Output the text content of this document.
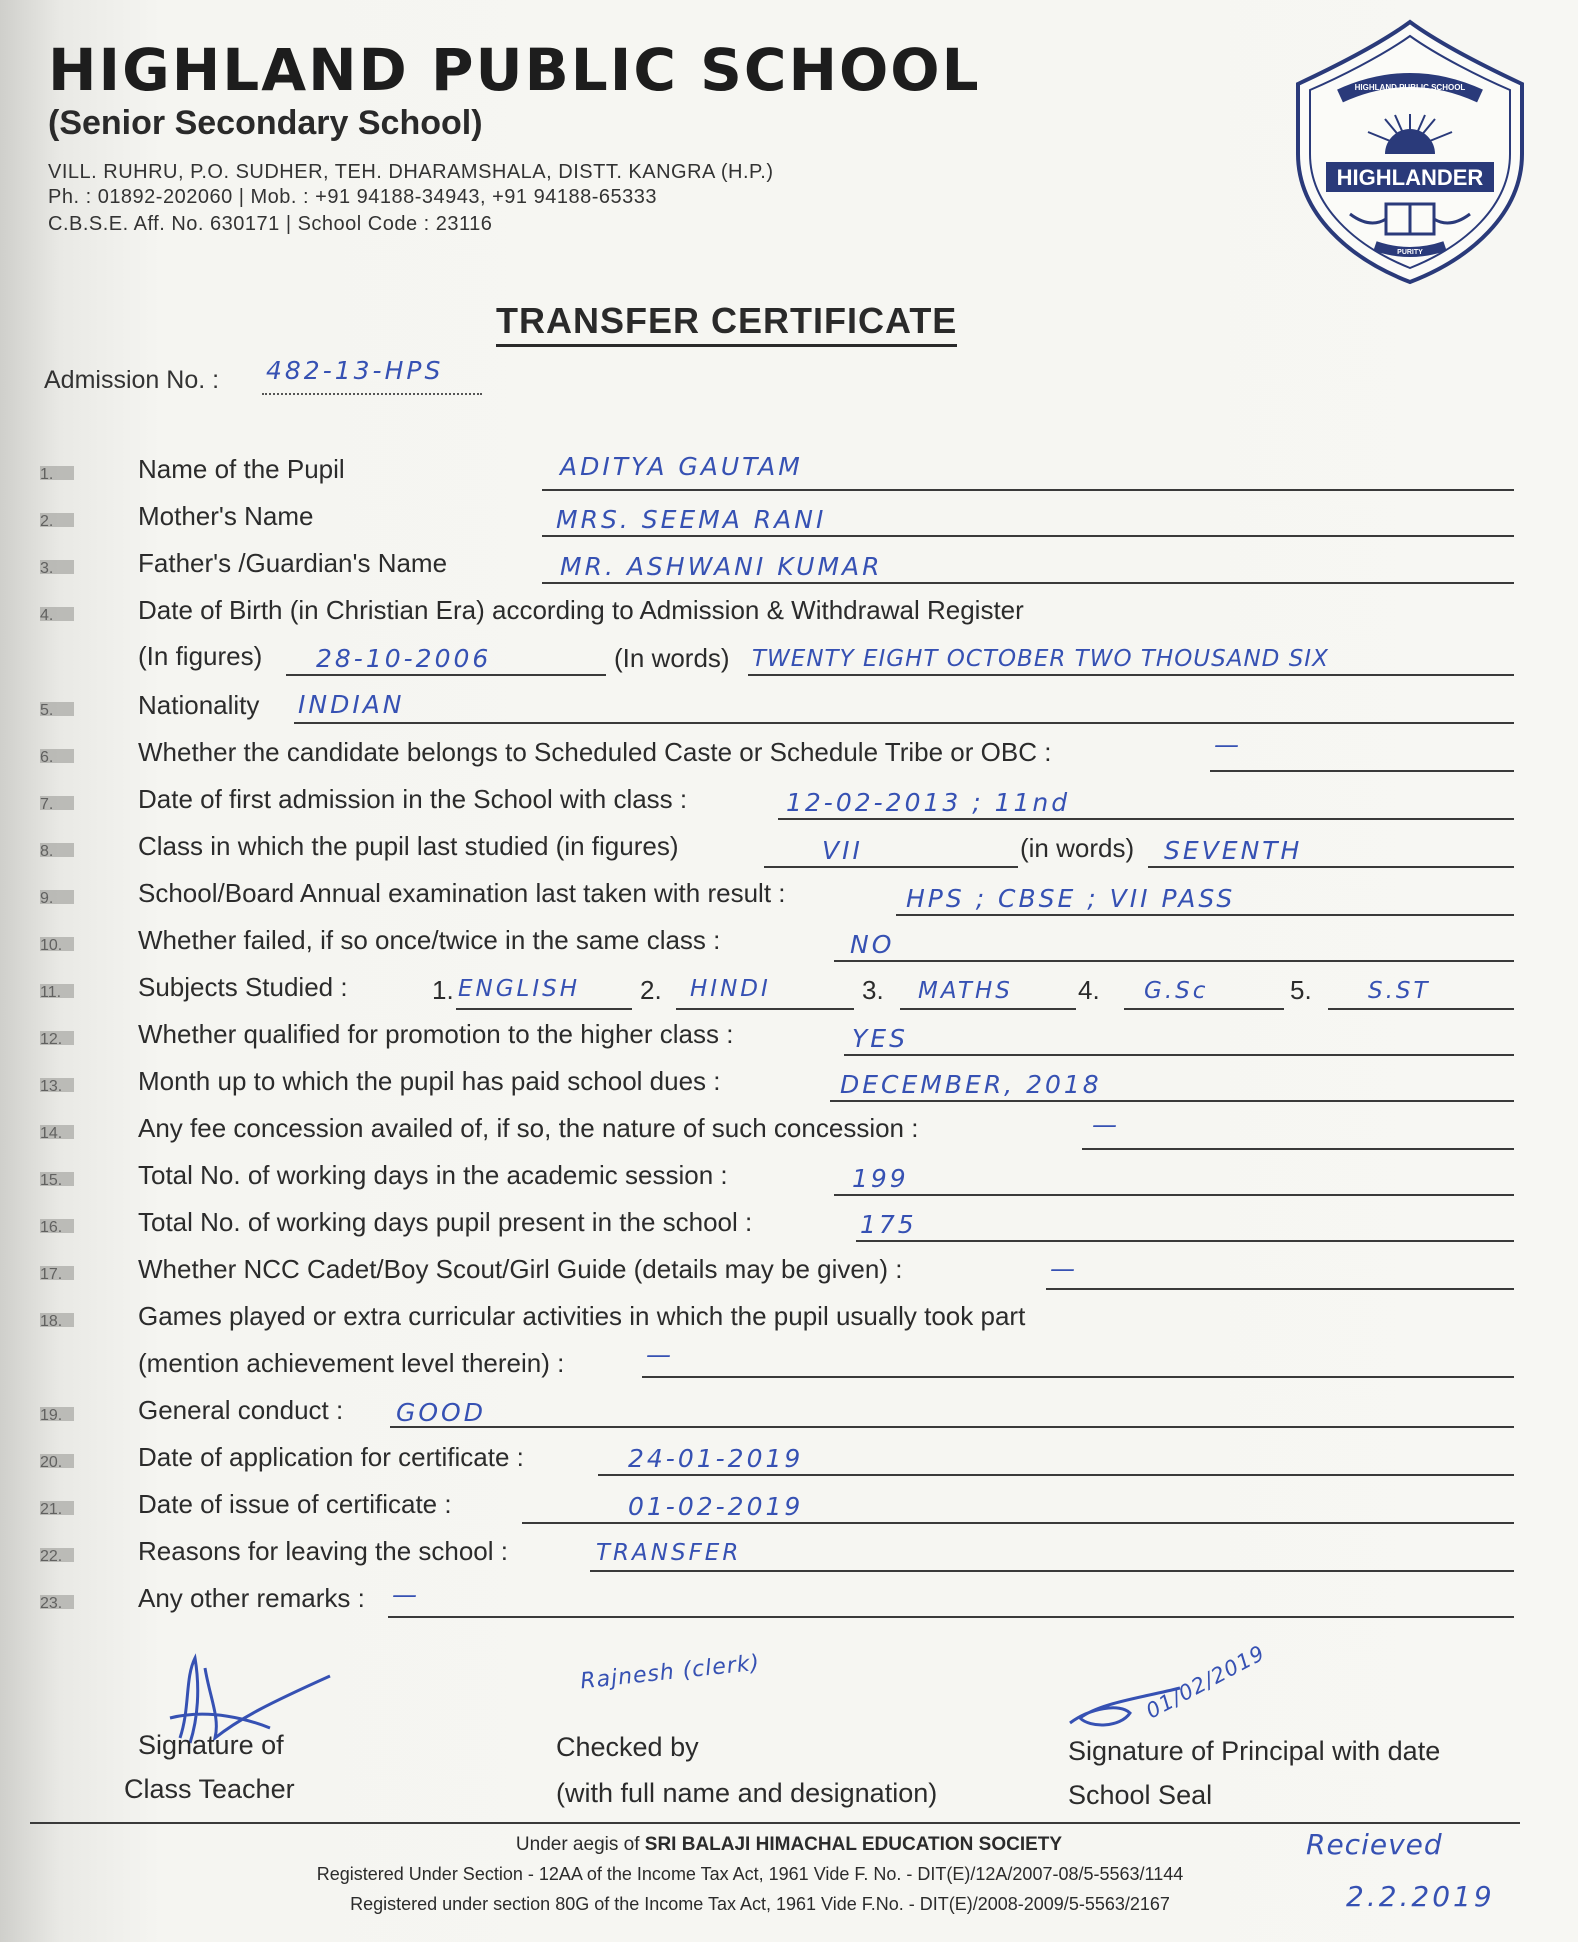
HIGHLAND PUBLIC SCHOOL
(Senior Secondary School)
VILL. RUHRU, P.O. SUDHER, TEH. DHARAMSHALA, DISTT. KANGRA (H.P.)
Ph. : 01892-202060 | Mob. : +91 94188-34943, +91 94188-65333
C.B.S.E. Aff. No. 630171 | School Code : 23116
HIGHLAND PUBLIC SCHOOL
HIGHLANDER
PURITY
TRANSFER CERTIFICATE
Admission No. : 482-13-HPS
1.	Name of the Pupil	ADITYA GAUTAM
2.	Mother's Name	MRS. SEEMA RANI
3.	Father's /Guardian's Name	MR. ASHWANI KUMAR
4.	Date of Birth (in Christian Era) according to Admission & Withdrawal Register
(In figures) 28-10-2006	(In words) TWENTY EIGHT OCTOBER TWO THOUSAND SIX
5.	Nationality INDIAN
6.	Whether the candidate belongs to Scheduled Caste or Schedule Tribe or OBC :	—
7.	Date of first admission in the School with class :	12-02-2013 ; 11nd
8.	Class in which the pupil last studied (in figures)	VII	(in words) SEVENTH
9.	School/Board Annual examination last taken with result :	HPS ; CBSE ; VII PASS
10.	Whether failed, if so once/twice in the same class :	NO
11.	Subjects Studied :	1. ENGLISH 2. HINDI	3. MATHS	4. G.Sc	5. S.ST
12.	Whether qualified for promotion to the higher class :	YES
13.	Month up to which the pupil has paid school dues :	DECEMBER, 2018
14.	Any fee concession availed of, if so, the nature of such concession :	—
15.	Total No. of working days in the academic session :	199
16.	Total No. of working days pupil present in the school :	175
17.	Whether NCC Cadet/Boy Scout/Girl Guide (details may be given) :	—
18.	Games played or extra curricular activities in which the pupil usually took part
(mention achievement level therein) :	—
19.	General conduct : GOOD
20.	Date of application for certificate :	24-01-2019
21.	Date of issue of certificate :	01-02-2019
22.	Reasons for leaving the school :	TRANSFER
23.	Any other remarks : —
Signature of
Class Teacher
Rajnesh (clerk)
Checked by
(with full name and designation)
01/02/2019
Signature of Principal with date
School Seal
Under aegis of SRI BALAJI HIMACHAL EDUCATION SOCIETY
Registered Under Section - 12AA of the Income Tax Act, 1961 Vide F. No. - DIT(E)/12A/2007-08/5-5563/1144
Registered under section 80G of the Income Tax Act, 1961 Vide F.No. - DIT(E)/2008-2009/5-5563/2167
Recieved
2.2.2019
